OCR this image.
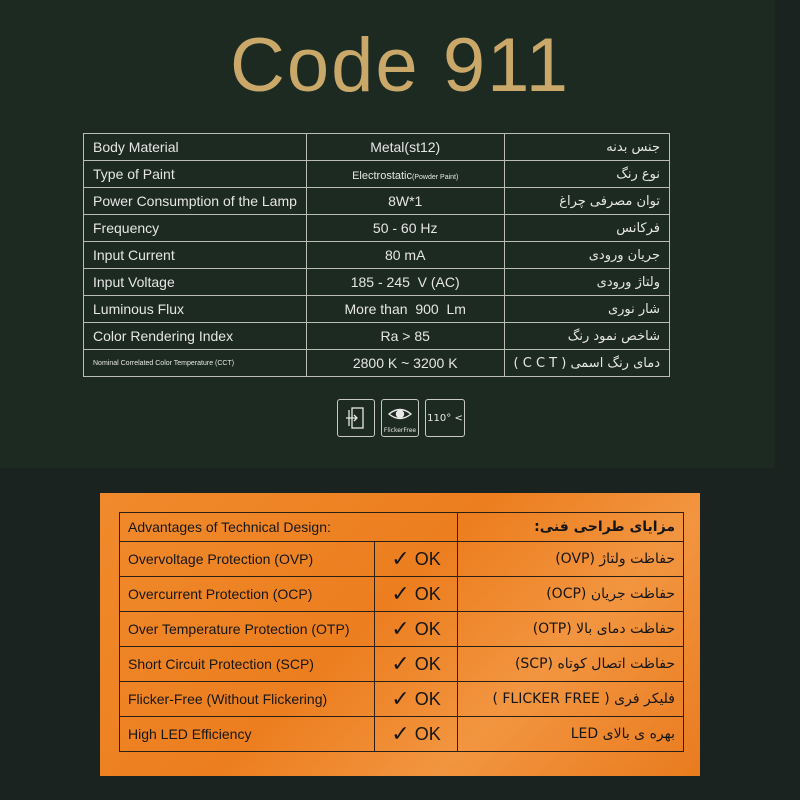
Code 911
Body Material	Metal(st12)	جنس بدنه
Type of Paint	Electrostatic(Powder Paint)	نوع رنگ
Power Consumption of the Lamp	8W*1	توان مصرفی چراغ
Frequency	50 - 60 Hz	فرکانس
Input Current	80 mA	جریان ورودی
Input Voltage	185 - 245  V (AC)	ولتاژ ورودی
Luminous Flux	More than  900  Lm	شار نوری
Color Rendering Index	Ra > 85	شاخص نمود رنگ
Nominal Correlated Color Temperature (CCT)	2800 K ~ 3200 K	دمای رنگ اسمی ( C C T )
FlickerFree
110° <
Advantages of Technical Design:		مزایای طراحی فنی:
Overvoltage Protection (OVP)	✓ OK	حفاظت ولتاژ (OVP)
Overcurrent Protection (OCP)	✓ OK	حفاظت جریان (OCP)
Over Temperature Protection (OTP)	✓ OK	حفاظت دمای بالا (OTP)
Short Circuit Protection (SCP)	✓ OK	حفاظت اتصال کوتاه (SCP)
Flicker-Free (Without Flickering)	✓ OK	فلیکر فری ( FLICKER FREE )
High LED Efficiency	✓ OK	بهره ی بالای LED
